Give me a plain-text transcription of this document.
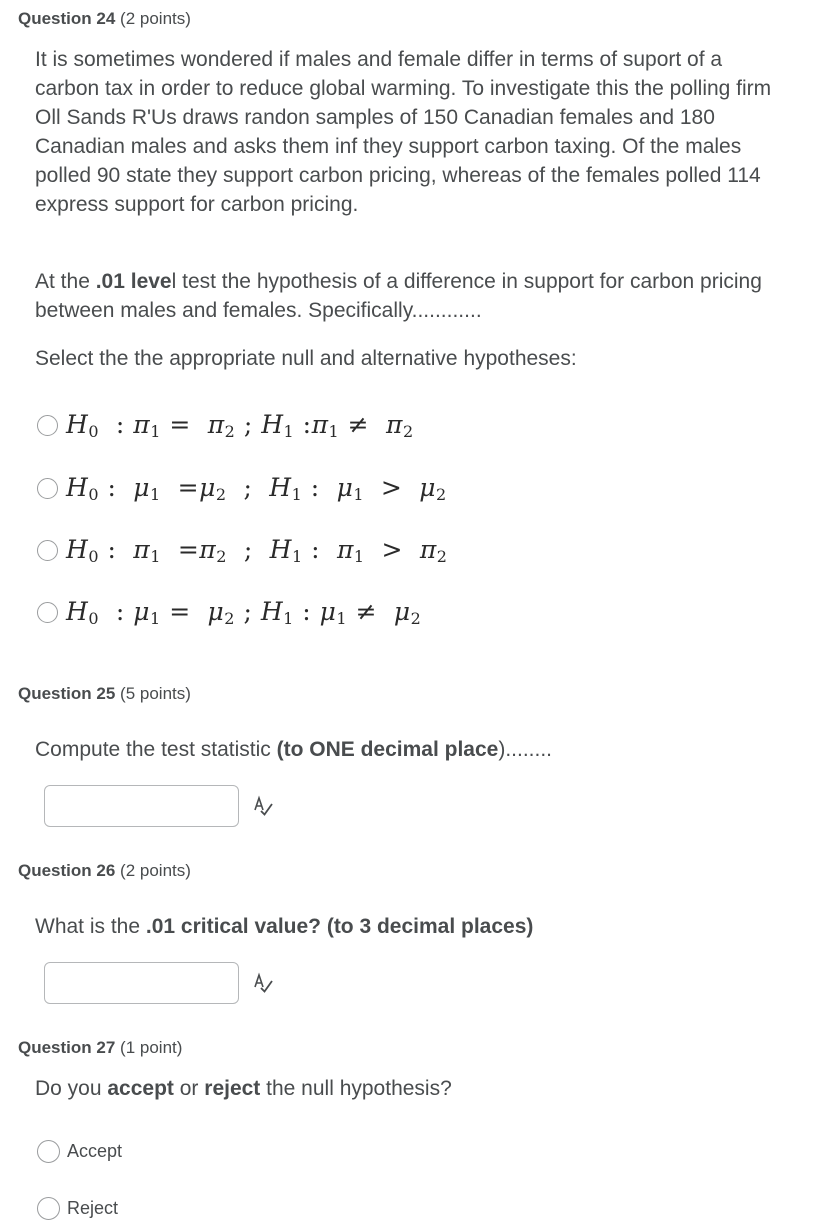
Question 24 (2 points)

It is sometimes wondered if males and female differ in terms of suport of a carbon tax in order to reduce global warming. To investigate this the polling firm Oll Sands R'Us draws randon samples of 150 Canadian females and 180 Canadian males and asks them inf they support carbon taxing. Of the males polled 90 state they support carbon pricing, whereas of the females polled 114 express support for carbon pricing.

At the .01 level test the hypothesis of a difference in support for carbon pricing between males and females. Specifically............

Select the the appropriate null and alternative hypotheses:

$H_0$ : $\pi_1 = \pi_2$ ; $H_1$ $:\pi_1 \ne \pi_2$
$H_0$ : $\mu_1 =\mu_2$ ; $H_1$ : $\mu_1 > \mu_2$
$H_0$ : $\pi_1 =\pi_2$ ; $H_1$ : $\pi_1 > \pi_2$
$H_0$ : $\mu_1 = \mu_2$ ; $H_1$ : $\mu_1 \ne \mu_2$
Question 25 (5 points)

Compute the test statistic (to ONE decimal place)........

Question 26 (2 points)

What is the .01 critical value? (to 3 decimal places)

Question 27 (1 point)

Do you accept or reject the null hypothesis?

Accept
Reject
